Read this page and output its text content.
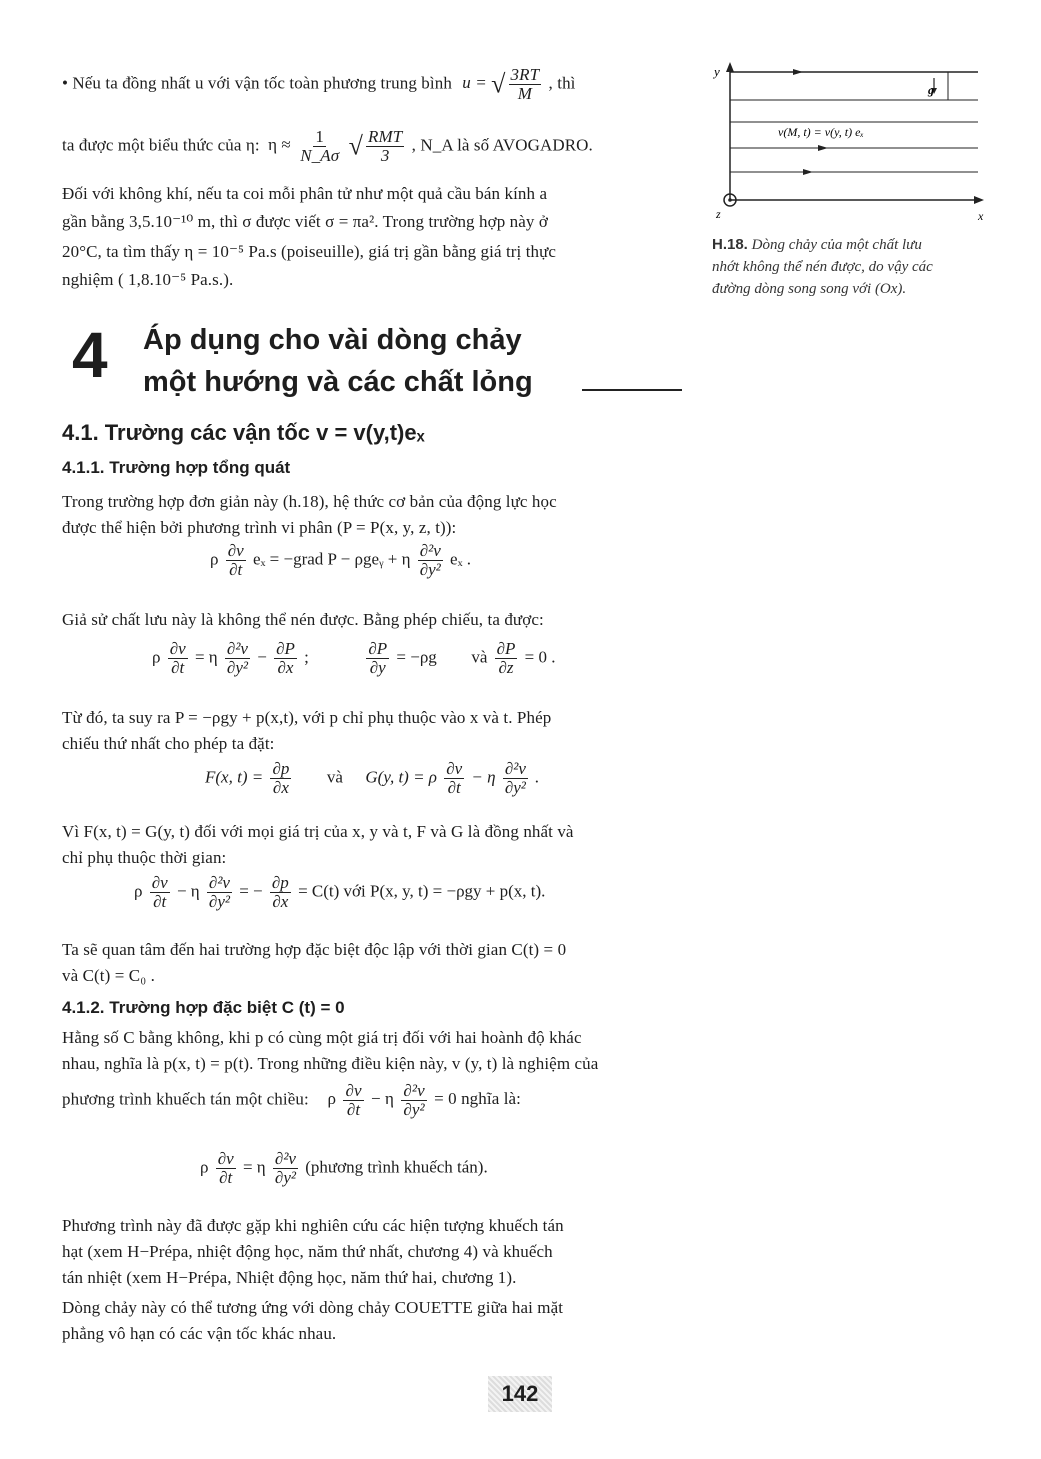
• Nếu ta đồng nhất u với vận tốc toàn phương trung bình u = √ $\frac{3RT}{M}$ , thì
ta được một biểu thức của η: $\eta \approx \frac{1}{N\_A\sigma}$ √ $\frac{\text{RMT}}{3}$ , N_A là số AVOGADRO.
Đối với không khí, nếu ta coi mỗi phân tử như một quả cầu bán kính a
gần bằng 3,5.10⁻¹⁰ m, thì σ được viết σ = πa². Trong trường hợp này ở
20°C, ta tìm thấy η = 10⁻⁵ Pa.s (poiseuille), giá trị gần bằng giá trị thực
nghiệm ( 1,8.10⁻⁵ Pa.s.).
4 Áp dụng cho vài dòng chảy
một hướng và các chất lỏng
4.1. Trường các vận tốc v = v(y,t)eₓ
4.1.1. Trường hợp tổng quát
Trong trường hợp đơn giản này (h.18), hệ thức cơ bản của động lực học
được thể hiện bởi phương trình vi phân (P = P(x, y, z, t)):
ρ $\frac{\partial v}{\partial t}$ eₓ = −grad P − ρgeᵧ + η $\frac{\text{∂²v}}{\text{∂y²}}$ eₓ .
Giả sử chất lưu này là không thể nén được. Bằng phép chiếu, ta được:
ρ $\frac{\partial v}{\partial t} = \eta \frac{\text{∂²v}}{\text{∂y²}} - \frac{\partial P}{\partial x}$ ;	$\frac{\partial P}{\partial y} = -\rho g$ và $\frac{\partial P}{\partial z} = 0$ .
Từ đó, ta suy ra P = −ρgy + p(x,t), với p chỉ phụ thuộc vào x và t. Phép
chiếu thứ nhất cho phép ta đặt:
F(x, $t) = \frac{\partial p}{\partial x}$ và G(y, t) = ρ $\frac{\partial v}{\partial t} - \eta \frac{\text{∂²v}}{\text{∂y²}}$ .
Vì F(x, t) = G(y, t) đối với mọi giá trị của x, y và t, F và G là đồng nhất và
chỉ phụ thuộc thời gian:
ρ $\frac{\partial v}{\partial t} - \eta \frac{\text{∂²v}}{\text{∂y²}}$ = − $\frac{\partial p}{\partial x} = C(t)$ với P(x, y, t) = −ρgy + p(x, t).
Ta sẽ quan tâm đến hai trường hợp đặc biệt độc lập với thời gian C(t) = 0
và C(t) = C₀ .
4.1.2. Trường hợp đặc biệt C (t) = 0
Hằng số C bằng không, khi p có cùng một giá trị đối với hai hoành độ khác
nhau, nghĩa là p(x, t) = p(t). Trong những điều kiện này, v (y, t) là nghiệm của
phương trình khuếch tán một chiều: ρ $\frac{\partial v}{\partial t} - \eta \frac{\text{∂²v}}{\text{∂y²}} = 0$ nghĩa là:
ρ $\frac{\partial v}{\partial t} = \eta \frac{\text{∂²v}}{\text{∂y²}}$ (phương trình khuếch tán).
Phương trình này đã được gặp khi nghiên cứu các hiện tượng khuếch tán
hạt (xem H−Prépa, nhiệt động học, năm thứ nhất, chương 4) và khuếch
tán nhiệt (xem H−Prépa, Nhiệt động học, năm thứ hai, chương 1).
Dòng chảy này có thể tương ứng với dòng chảy COUETTE giữa hai mặt
phẳng vô hạn có các vận tốc khác nhau.
y
g
v(M, t) = v(y, t) eₓ
x
z
H.18. Dòng chảy của một chất lưu
nhớt không thể nén được, do vậy các
đường dòng song song với (Ox).
142
